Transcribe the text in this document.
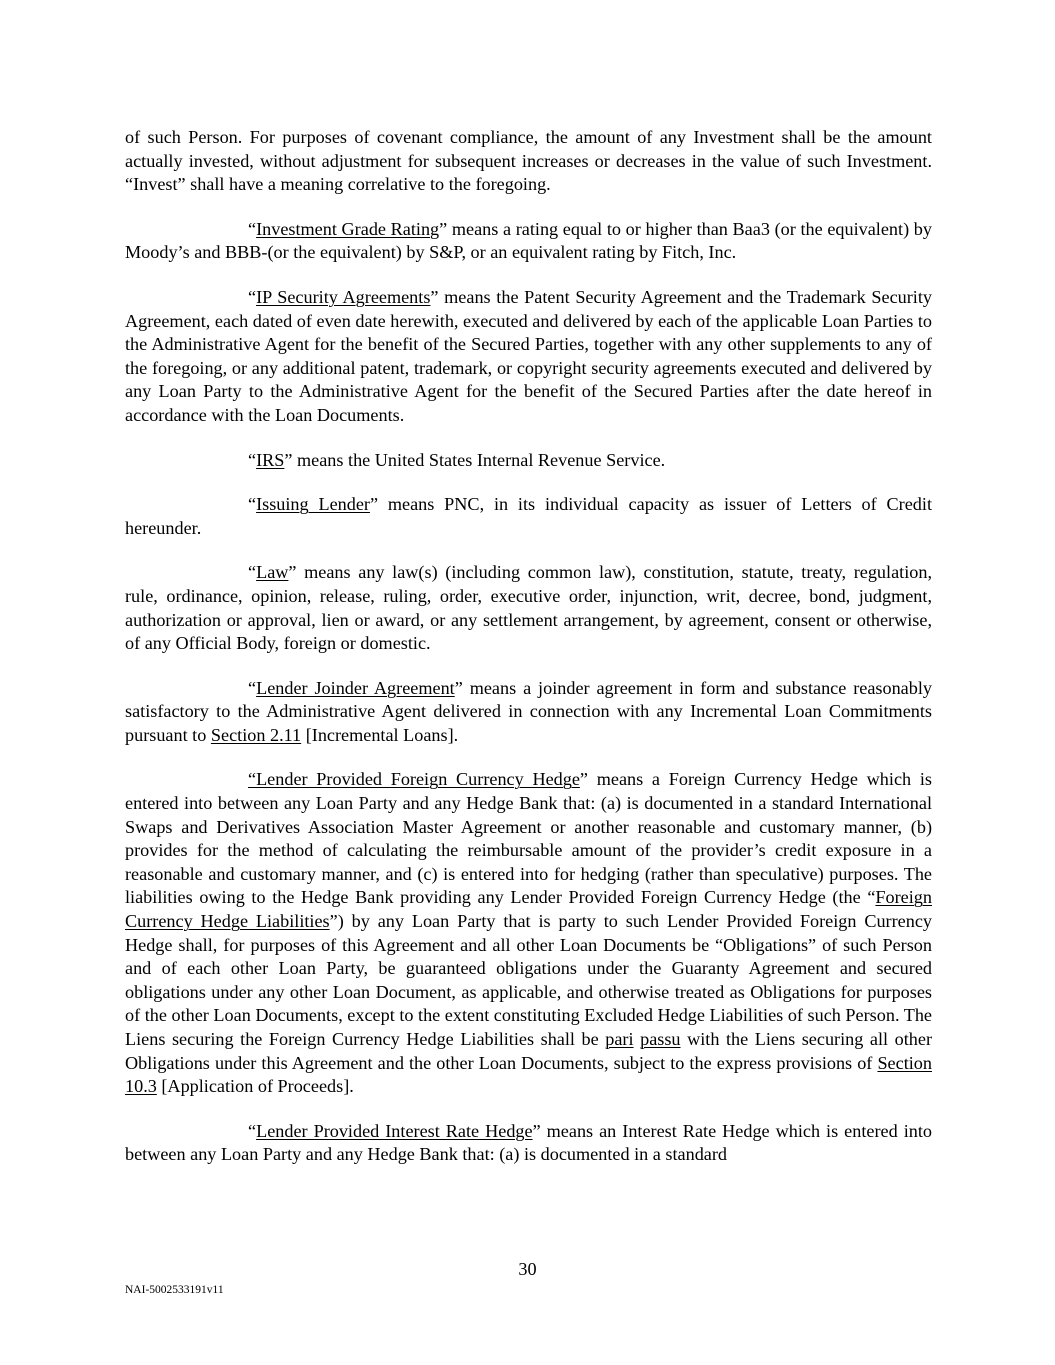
of such Person. For purposes of covenant compliance, the amount of any Investment shall be the amount actually invested, without adjustment for subsequent increases or decreases in the value of such Investment. “Invest” shall have a meaning correlative to the foregoing.

“Investment Grade Rating” means a rating equal to or higher than Baa3 (or the equivalent) by Moody’s and BBB-(or the equivalent) by S&P, or an equivalent rating by Fitch, Inc.

“IP Security Agreements” means the Patent Security Agreement and the Trademark Security Agreement, each dated of even date herewith, executed and delivered by each of the applicable Loan Parties to the Administrative Agent for the benefit of the Secured Parties, together with any other supplements to any of the foregoing, or any additional patent, trademark, or copyright security agreements executed and delivered by any Loan Party to the Administrative Agent for the benefit of the Secured Parties after the date hereof in accordance with the Loan Documents.

“IRS” means the United States Internal Revenue Service.

“Issuing Lender” means PNC, in its individual capacity as issuer of Letters of Credit hereunder.

“Law” means any law(s) (including common law), constitution, statute, treaty, regulation, rule, ordinance, opinion, release, ruling, order, executive order, injunction, writ, decree, bond, judgment, authorization or approval, lien or award, or any settlement arrangement, by agreement, consent or otherwise, of any Official Body, foreign or domestic.

“Lender Joinder Agreement” means a joinder agreement in form and substance reasonably satisfactory to the Administrative Agent delivered in connection with any Incremental Loan Commitments pursuant to Section 2.11 [Incremental Loans].

“Lender Provided Foreign Currency Hedge” means a Foreign Currency Hedge which is entered into between any Loan Party and any Hedge Bank that: (a) is documented in a standard International Swaps and Derivatives Association Master Agreement or another reasonable and customary manner, (b) provides for the method of calculating the reimbursable amount of the provider’s credit exposure in a reasonable and customary manner, and (c) is entered into for hedging (rather than speculative) purposes. The liabilities owing to the Hedge Bank providing any Lender Provided Foreign Currency Hedge (the “Foreign Currency Hedge Liabilities”) by any Loan Party that is party to such Lender Provided Foreign Currency Hedge shall, for purposes of this Agreement and all other Loan Documents be “Obligations” of such Person and of each other Loan Party, be guaranteed obligations under the Guaranty Agreement and secured obligations under any other Loan Document, as applicable, and otherwise treated as Obligations for purposes of the other Loan Documents, except to the extent constituting Excluded Hedge Liabilities of such Person. The Liens securing the Foreign Currency Hedge Liabilities shall be pari passu with the Liens securing all other Obligations under this Agreement and the other Loan Documents, subject to the express provisions of Section 10.3 [Application of Proceeds].

“Lender Provided Interest Rate Hedge” means an Interest Rate Hedge which is entered into between any Loan Party and any Hedge Bank that: (a) is documented in a standard

30
NAI-5002533191v11
